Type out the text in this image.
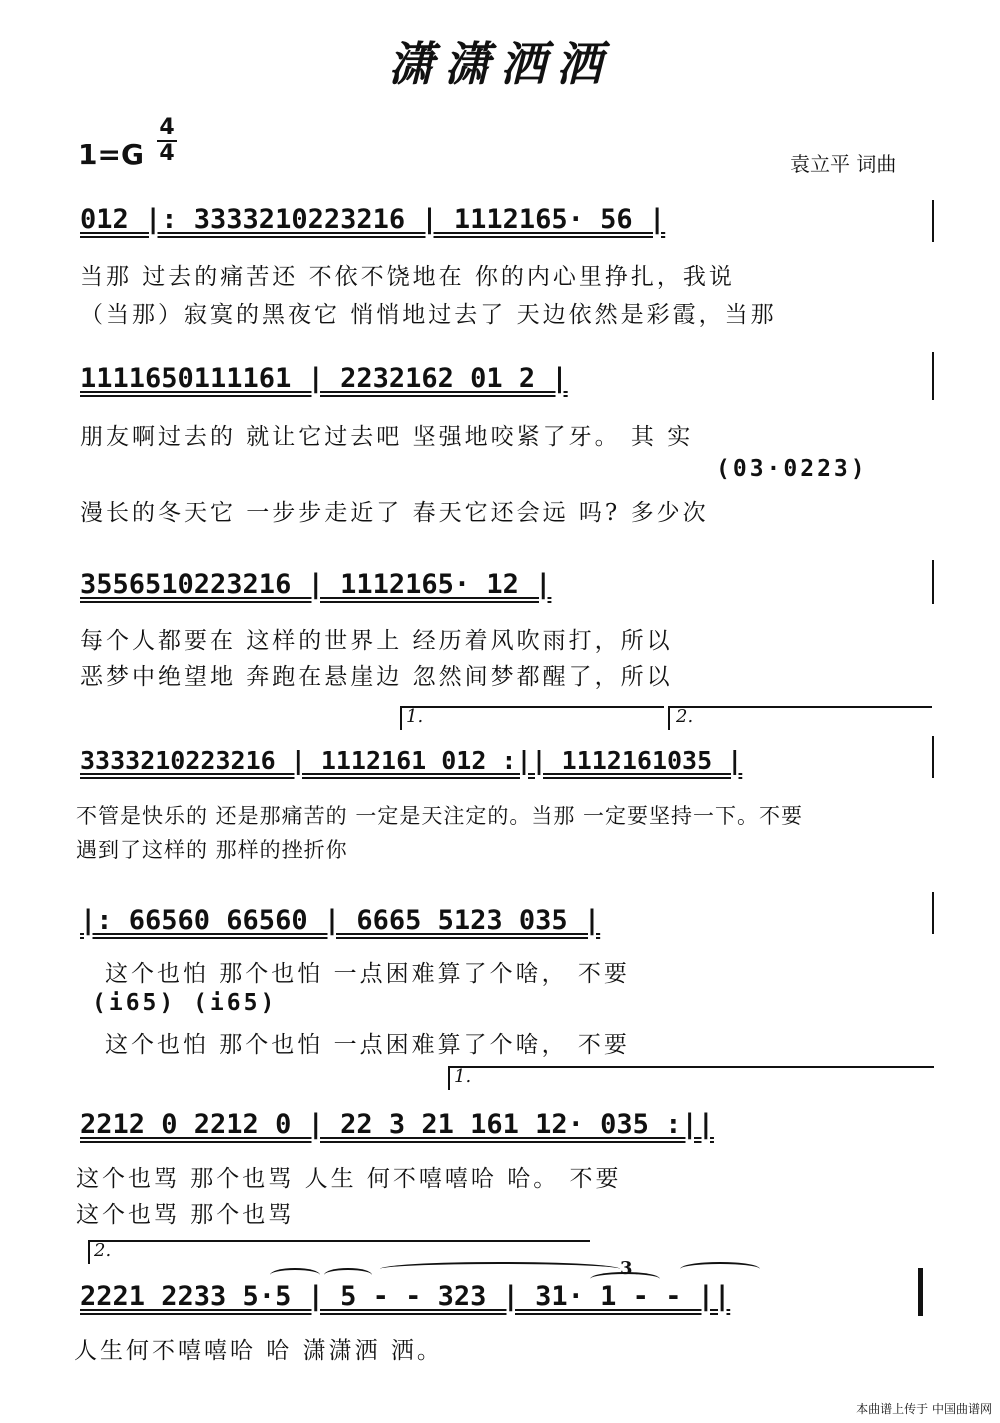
潇潇洒洒
1=G
4
4	袁立平 词曲
012 |: 3333210223216 | 1112165· 56 |
当那 过去的痛苦还 不依不饶地在 你的内心里挣扎，我说
（当那）寂寞的黑夜它 悄悄地过去了 天边依然是彩霞，当那
1111650111161 | 2232162 01 2 |
朋友啊过去的 就让它过去吧 坚强地咬紧了牙。 其 实
(03·0223)
漫长的冬天它 一步步走近了 春天它还会远 吗? 多少次
3556510223216 | 1112165· 12 |
每个人都要在 这样的世界上 经历着风吹雨打，所以
恶梦中绝望地 奔跑在悬崖边 忽然间梦都醒了，所以
1.	2.
3333210223216 | 1112161 012 :|| 1112161035 |
不管是快乐的 还是那痛苦的 一定是天注定的。当那 一定要坚持一下。不要
遇到了这样的 那样的挫折你
|: 66560 66560 | 6665 5123 035 |
这个也怕 那个也怕 一点困难算了个啥， 不要
(i65) (i65)
这个也怕 那个也怕 一点困难算了个啥， 不要
1.
2212 0 2212 0 | 22 3 21 161 12· 035 :||
这个也骂 那个也骂 人生 何不嘻嘻哈 哈。 不要
这个也骂 那个也骂
2.
3
2221 2233 5·5 | 5 - - 323 | 31· 1 - - ||
人生何不嘻嘻哈 哈 潇潇洒 洒。
本曲谱上传于 中国曲谱网
